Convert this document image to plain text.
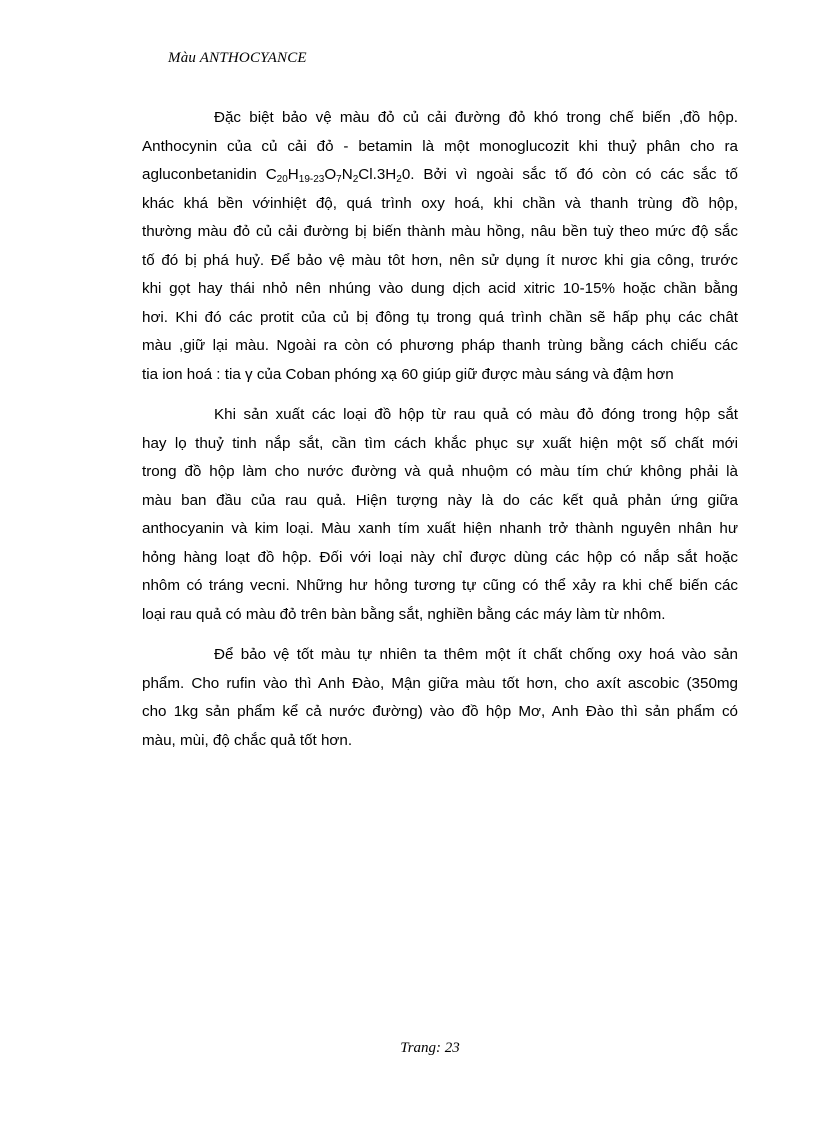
Màu ANTHOCYANCE
Đặc biệt bảo vệ màu đỏ củ cải đường đỏ khó trong chế biến ,đồ hộp.
Anthocynin của củ cải đỏ - betamin là một monoglucozit khi thuỷ phân cho ra
agluconbetanidin $C_{20}H_{19-23}O_7N_2Cl.3H_20$. Bởi vì ngoài sắc tố đó còn có các sắc tố
khác khá bền vớinhiệt độ, quá trình oxy hoá, khi chần và thanh trùng đồ hộp,
thường màu đỏ củ cải đường bị biến thành màu hồng, nâu bền tuỳ theo mức độ sắc
tố đó bị phá huỷ. Để bảo vệ màu tôt hơn, nên sử dụng ít nươc khi gia công, trước
khi gọt hay thái nhỏ nên nhúng vào dung dịch acid xitric 10-15% hoặc chần bằng
hơi. Khi đó các protit của củ bị đông tụ trong quá trình chần sẽ hấp phụ các chât
màu ,giữ lại màu. Ngoài ra còn có phương pháp thanh trùng bằng cách chiếu các
tia ion hoá : tia γ của Coban phóng xạ 60 giúp giữ được màu sáng và đậm hơn
Khi sản xuất các loại đồ hộp từ rau quả có màu đỏ đóng trong hộp sắt
hay lọ thuỷ tinh nắp sắt, cần tìm cách khắc phục sự xuất hiện một số chất mới
trong đồ hộp làm cho nước đường và quả nhuộm có màu tím chứ không phải là
màu ban đầu của rau quả. Hiện tượng này là do các kết quả phản ứng giữa
anthocyanin và kim loại. Màu xanh tím xuất hiện nhanh trở thành nguyên nhân hư
hỏng hàng loạt đồ hộp. Đối với loại này chỉ được dùng các hộp có nắp sắt hoặc
nhôm có tráng vecni. Những hư hỏng tương tự cũng có thể xảy ra khi chế biến các
loại rau quả có màu đỏ trên bàn bằng sắt, nghiền bằng các máy làm từ nhôm.
Để bảo vệ tốt màu tự nhiên ta thêm một ít chất chống oxy hoá vào sản
phẩm. Cho rufin vào thì Anh Đào, Mận giữa màu tốt hơn, cho axít ascobic (350mg
cho 1kg sản phẩm kể cả nước đường) vào đồ hộp Mơ, Anh Đào thì sản phẩm có
màu, mùi, độ chắc quả tốt hơn.
Trang: 23
